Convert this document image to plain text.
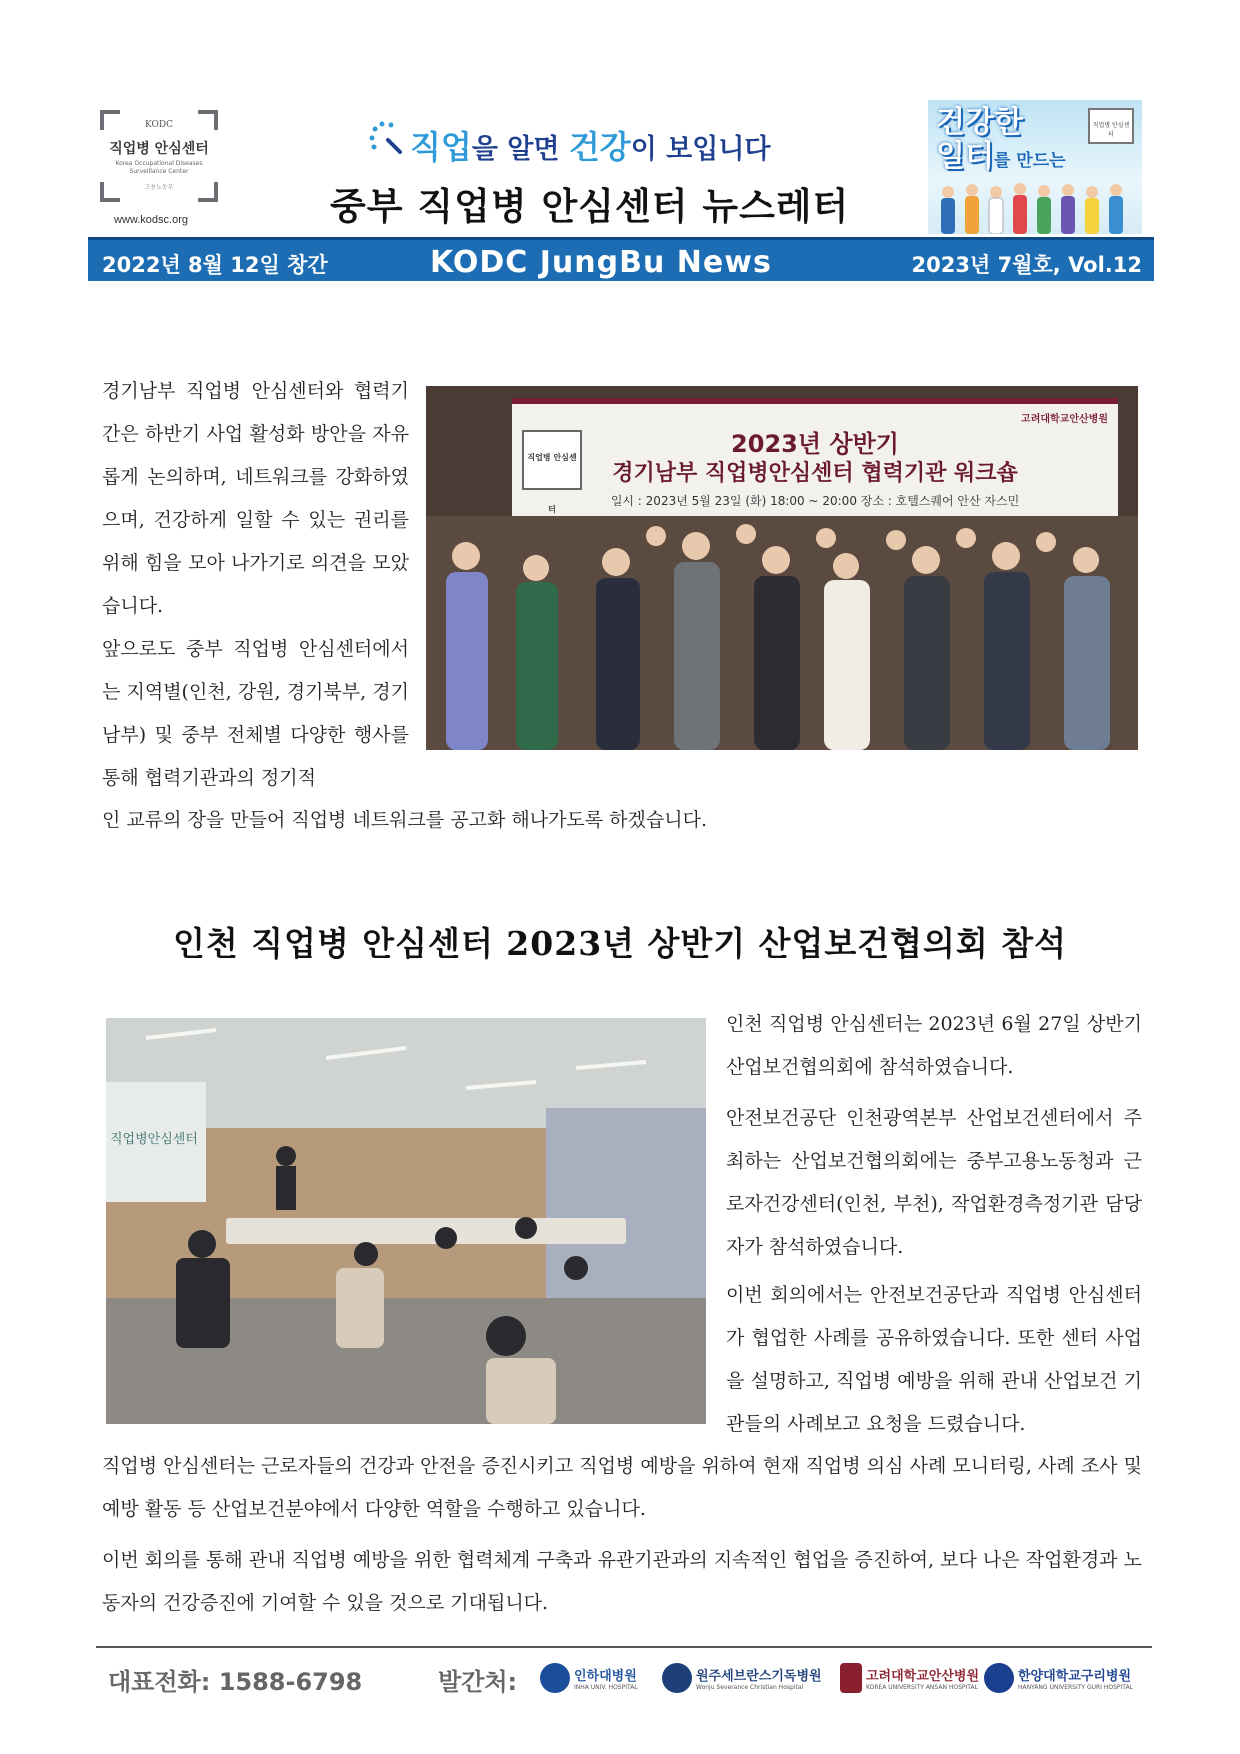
KODC
직업병 안심센터
Korea Occupational Diseases Surveillance Center
고용노동부
www.kodsc.org
직업을 알면 건강이 보입니다
중부 직업병 안심센터 뉴스레터
건강한
일터를 만드는
직업병 안심센터
2022년 8월 12일 창간	KODC JungBu News	2023년 7월호, Vol.12
경기남부 직업병 안심센터와 협력기간은 하반기 사업 활성화 방안을 자유롭게 논의하며, 네트워크를 강화하였으며, 건강하게 일할 수 있는 권리를 위해 힘을 모아 나가기로 의견을 모았습니다.
앞으로도 중부 직업병 안심센터에서는 지역별(인천, 강원, 경기북부, 경기남부) 및 중부 전체별 다양한 행사를 통해 협력기관과의 정기적
인 교류의 장을 만들어 직업병 네트워크를 공고화 해나가도록 하겠습니다.
고려대학교안산병원
직업병 안심센터
2023년 상반기
경기남부 직업병안심센터 협력기관 워크숍
일시 : 2023년 5월 23일 (화) 18:00 ~ 20:00 장소 : 호텔스퀘어 안산 자스민
인천 직업병 안심센터 2023년 상반기 산업보건협의회 참석
직업병안심센터
인천 직업병 안심센터는 2023년 6월 27일 상반기 산업보건협의회에 참석하였습니다.
안전보건공단 인천광역본부 산업보건센터에서 주최하는 산업보건협의회에는 중부고용노동청과 근로자건강센터(인천, 부천), 작업환경측정기관 담당자가 참석하였습니다.
이번 회의에서는 안전보건공단과 직업병 안심센터가 협업한 사례를 공유하였습니다. 또한 센터 사업을 설명하고, 직업병 예방을 위해 관내 산업보건 기관들의 사례보고 요청을 드렸습니다.
직업병 안심센터는 근로자들의 건강과 안전을 증진시키고 직업병 예방을 위하여 현재 직업병 의심 사례 모니터링, 사례 조사 및 예방 활동 등 산업보건분야에서 다양한 역할을 수행하고 있습니다.
이번 회의를 통해 관내 직업병 예방을 위한 협력체계 구축과 유관기관과의 지속적인 협업을 증진하여, 보다 나은 작업환경과 노동자의 건강증진에 기여할 수 있을 것으로 기대됩니다.
대표전화: 1588-6798	발간처:	인하대병원
INHA UNIV. HOSPITAL
원주세브란스기독병원
Wonju Severance Christian Hospital
고려대학교안산병원
KOREA UNIVERSITY ANSAN HOSPITAL
한양대학교구리병원
HANYANG UNIVERSITY GURI HOSPITAL
